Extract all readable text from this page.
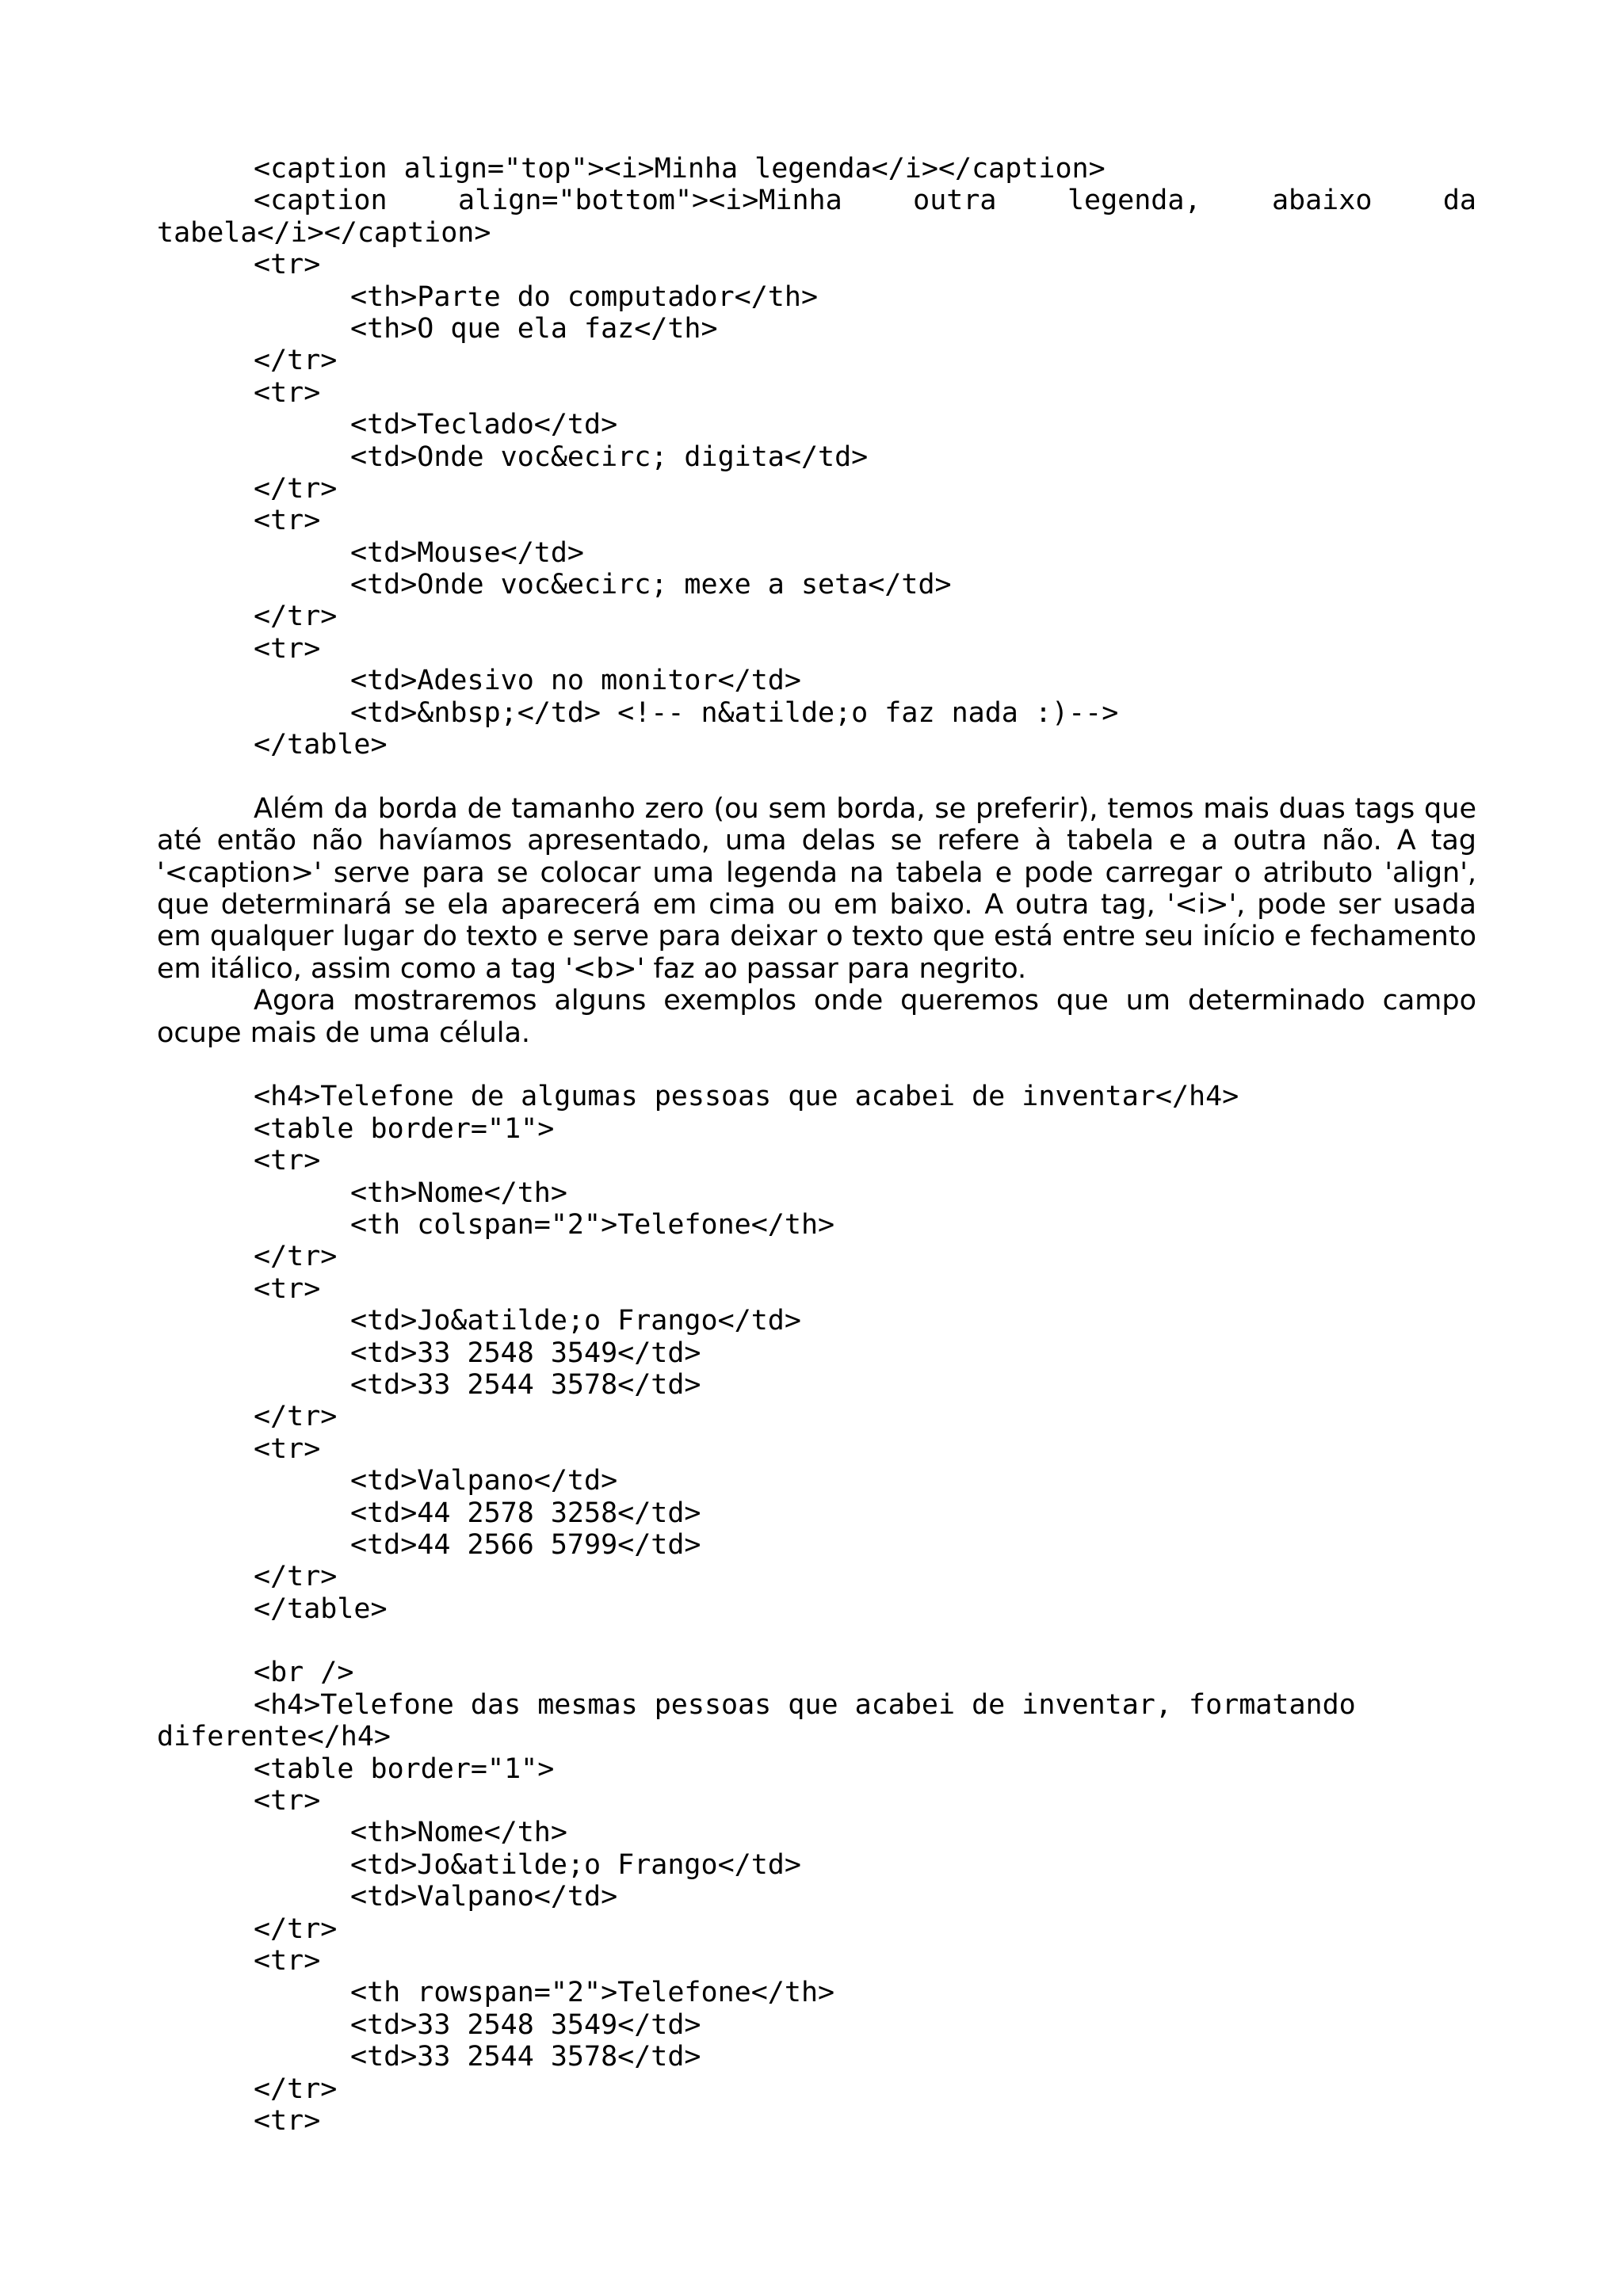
<caption align="top"><i>Minha legenda</i></caption>
<caption align="bottom"><i>Minha outra legenda, abaixo da
tabela</i></caption>
<tr>
<th>Parte do computador</th>
<th>O que ela faz</th>
</tr>
<tr>
<td>Teclado</td>
<td>Onde voc&ecirc; digita</td>
</tr>
<tr>
<td>Mouse</td>
<td>Onde voc&ecirc; mexe a seta</td>
</tr>
<tr>
<td>Adesivo no monitor</td>
<td>&nbsp;</td> <!-- n&atilde;o faz nada :)-->
</table>

Além da borda de tamanho zero (ou sem borda, se preferir), temos mais duas tags que até então não havíamos apresentado, uma delas se refere à tabela e a outra não. A tag '<caption>' serve para se colocar uma legenda na tabela e pode carregar o atributo 'align', que determinará se ela aparecerá em cima ou em baixo. A outra tag, '<i>', pode ser usada em qualquer lugar do texto e serve para deixar o texto que está entre seu início e fechamento em itálico, assim como a tag '<b>' faz ao passar para negrito.

Agora mostraremos alguns exemplos onde queremos que um determinado campo ocupe mais de uma célula.

<h4>Telefone de algumas pessoas que acabei de inventar</h4>
<table border="1">
<tr>
<th>Nome</th>
<th colspan="2">Telefone</th>
</tr>
<tr>
<td>Jo&atilde;o Frango</td>
<td>33 2548 3549</td>
<td>33 2544 3578</td>
</tr>
<tr>
<td>Valpano</td>
<td>44 2578 3258</td>
<td>44 2566 5799</td>
</tr>
</table>
<br />
<h4>Telefone das mesmas pessoas que acabei de inventar, formatando
diferente</h4>
<table border="1">
<tr>
<th>Nome</th>
<td>Jo&atilde;o Frango</td>
<td>Valpano</td>
</tr>
<tr>
<th rowspan="2">Telefone</th>
<td>33 2548 3549</td>
<td>33 2544 3578</td>
</tr>
<tr>
